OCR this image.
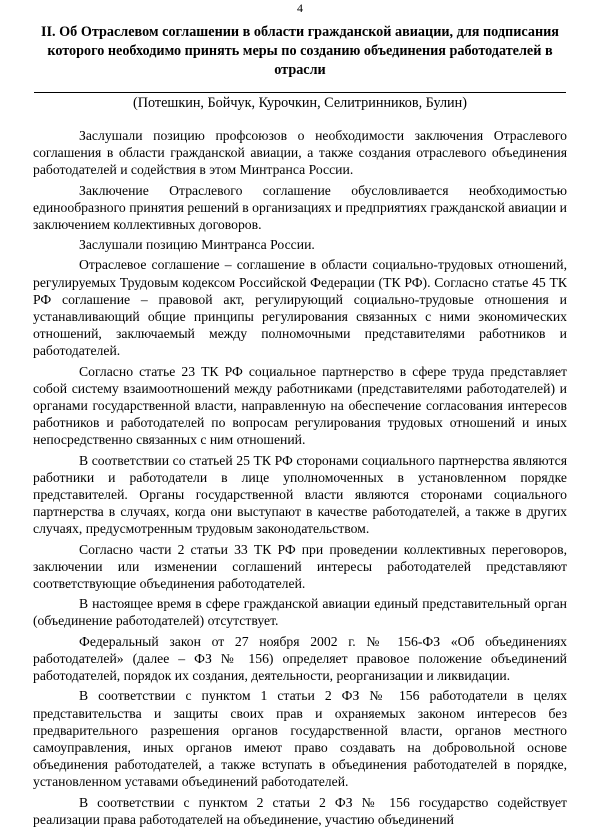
4
II. Об Отраслевом соглашении в области гражданской авиации, для подписания которого необходимо принять меры по созданию объединения работодателей в отрасли
(Потешкин, Бойчук, Курочкин, Селитринников, Булин)

Заслушали позицию профсоюзов о необходимости заключения Отраслевого соглашения в области гражданской авиации, а также создания отраслевого объединения работодателей и содействия в этом Минтранса России.

Заключение Отраслевого соглашение обусловливается необходимостью единообразного принятия решений в организациях и предприятиях гражданской авиации и заключением коллективных договоров.

Заслушали позицию Минтранса России.

Отраслевое соглашение – соглашение в области социально-трудовых отношений, регулируемых Трудовым кодексом Российской Федерации (ТК РФ). Согласно статье 45 ТК РФ соглашение – правовой акт, регулирующий социально-трудовые отношения и устанавливающий общие принципы регулирования связанных с ними экономических отношений, заключаемый между полномочными представителями работников и работодателей.

Согласно статье 23 ТК РФ социальное партнерство в сфере труда представляет собой систему взаимоотношений между работниками (представителями работодателей) и органами государственной власти, направленную на обеспечение согласования интересов работников и работодателей по вопросам регулирования трудовых отношений и иных непосредственно связанных с ним отношений.

В соответствии со статьей 25 ТК РФ сторонами социального партнерства являются работники и работодатели в лице уполномоченных в установленном порядке представителей. Органы государственной власти являются сторонами социального партнерства в случаях, когда они выступают в качестве работодателей, а также в других случаях, предусмотренным трудовым законодательством.

Согласно части 2 статьи 33 ТК РФ при проведении коллективных переговоров, заключении или изменении соглашений интересы работодателей представляют соответствующие объединения работодателей.

В настоящее время в сфере гражданской авиации единый представительный орган (объединение работодателей) отсутствует.

Федеральный закон от 27 ноября 2002 г. № 156-ФЗ «Об объединениях работодателей» (далее – ФЗ № 156) определяет правовое положение объединений работодателей, порядок их создания, деятельности, реорганизации и ликвидации.

В соответствии с пунктом 1 статьи 2 ФЗ № 156 работодатели в целях представительства и защиты своих прав и охраняемых законом интересов без предварительного разрешения органов государственной власти, органов местного самоуправления, иных органов имеют право создавать на добровольной основе объединения работодателей, а также вступать в объединения работодателей в порядке, установленном уставами объединений работодателей.

В соответствии с пунктом 2 статьи 2 ФЗ № 156 государство содействует реализации права работодателей на объединение, участию объединений
